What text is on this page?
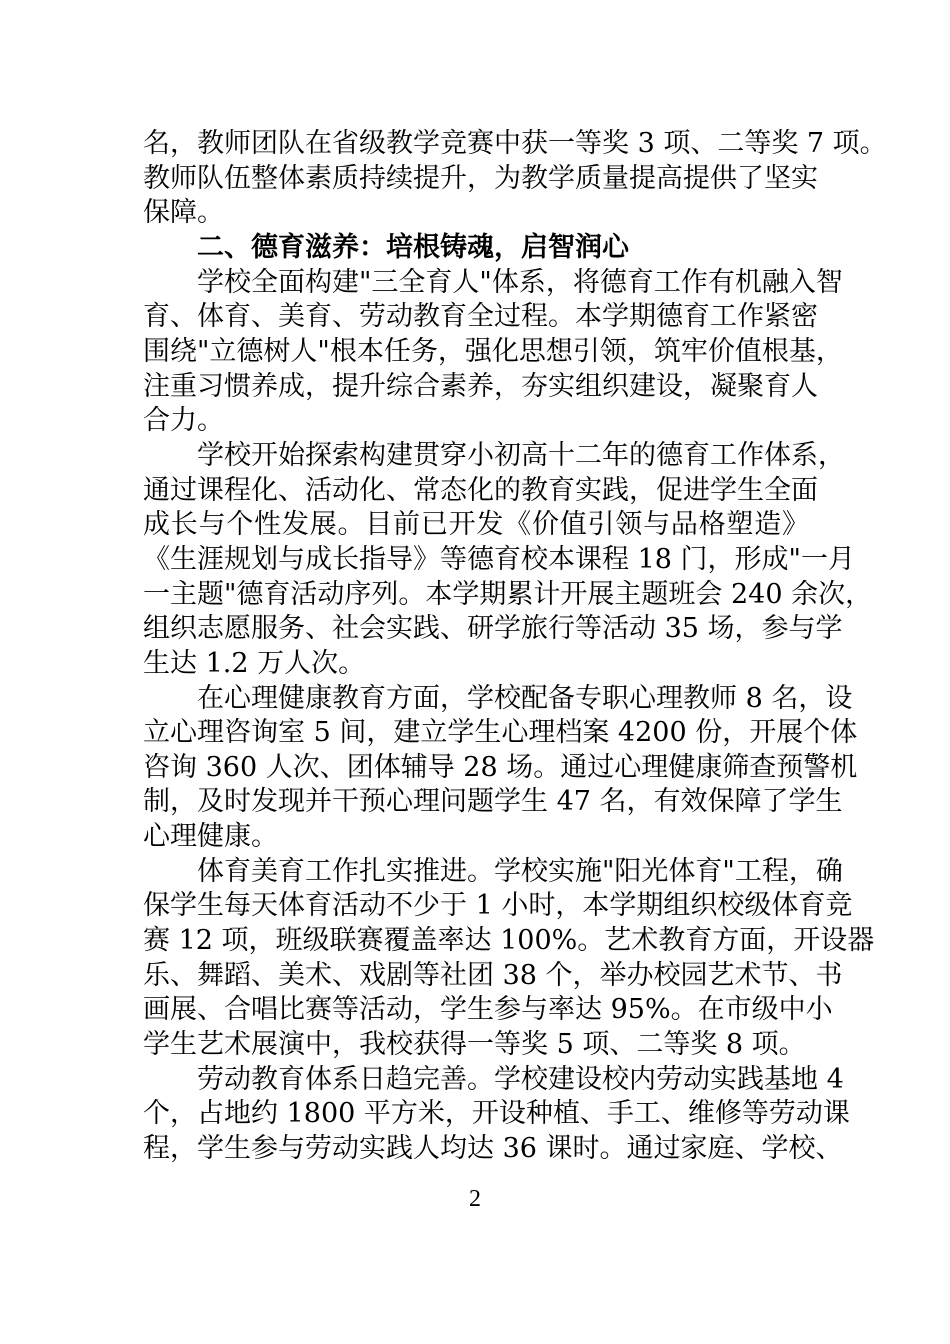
名，教师团队在省级教学竞赛中获一等奖 3 项、二等奖 7 项。
教师队伍整体素质持续提升，为教学质量提高提供了坚实
保障。
二、德育滋养：培根铸魂，启智润心
学校全面构建"三全育人"体系，将德育工作有机融入智
育、体育、美育、劳动教育全过程。本学期德育工作紧密
围绕"立德树人"根本任务，强化思想引领，筑牢价值根基，
注重习惯养成，提升综合素养，夯实组织建设，凝聚育人
合力。
学校开始探索构建贯穿小初高十二年的德育工作体系，
通过课程化、活动化、常态化的教育实践，促进学生全面
成长与个性发展。目前已开发《价值引领与品格塑造》
《生涯规划与成长指导》等德育校本课程 18 门，形成"一月
一主题"德育活动序列。本学期累计开展主题班会 240 余次，
组织志愿服务、社会实践、研学旅行等活动 35 场，参与学
生达 1.2 万人次。
在心理健康教育方面，学校配备专职心理教师 8 名，设
立心理咨询室 5 间，建立学生心理档案 4200 份，开展个体
咨询 360 人次、团体辅导 28 场。通过心理健康筛查预警机
制，及时发现并干预心理问题学生 47 名，有效保障了学生
心理健康。
体育美育工作扎实推进。学校实施"阳光体育"工程，确
保学生每天体育活动不少于 1 小时，本学期组织校级体育竞
赛 12 项，班级联赛覆盖率达 100%。艺术教育方面，开设器
乐、舞蹈、美术、戏剧等社团 38 个，举办校园艺术节、书
画展、合唱比赛等活动，学生参与率达 95%。在市级中小
学生艺术展演中，我校获得一等奖 5 项、二等奖 8 项。
劳动教育体系日趋完善。学校建设校内劳动实践基地 4
个，占地约 1800 平方米，开设种植、手工、维修等劳动课
程，学生参与劳动实践人均达 36 课时。通过家庭、学校、
2
